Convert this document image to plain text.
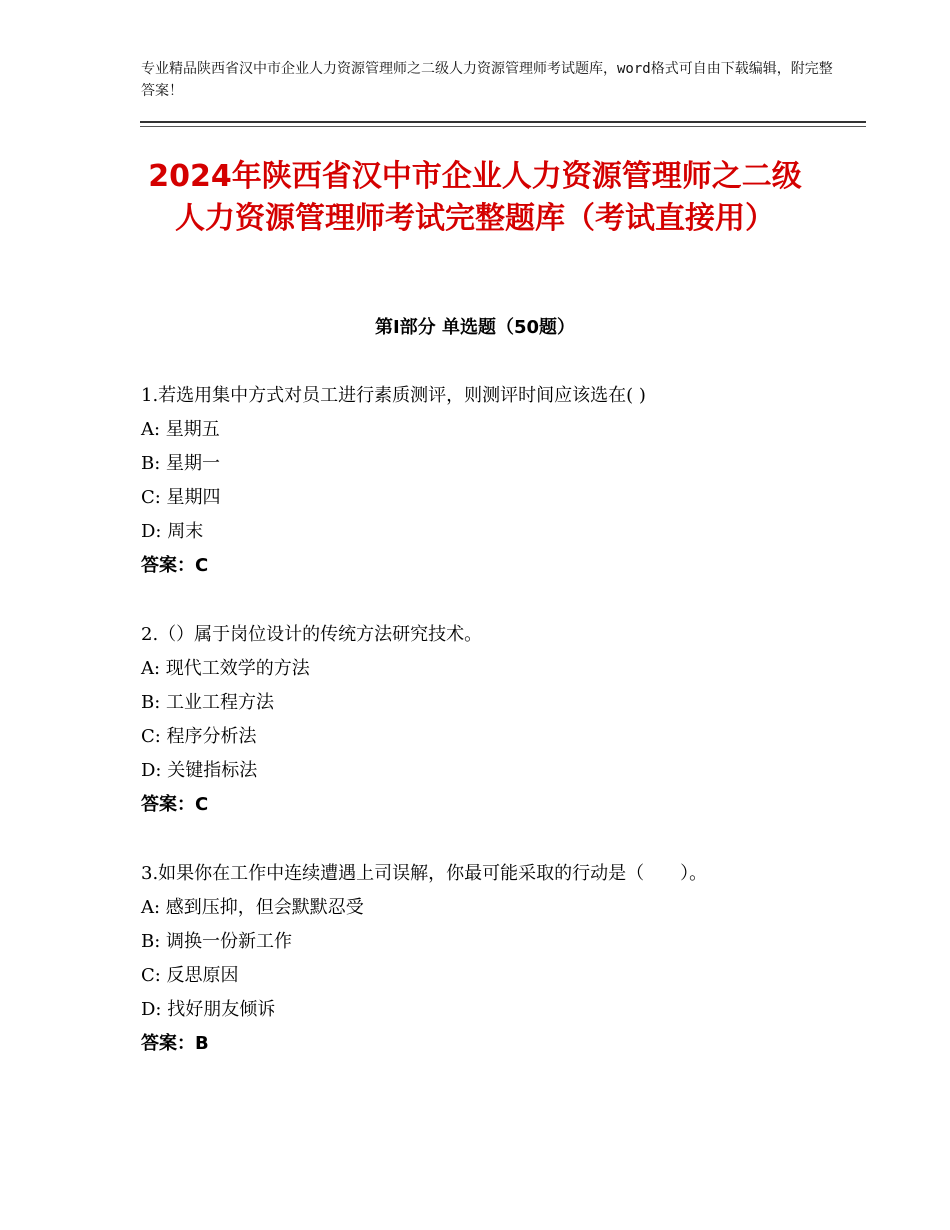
专业精品陕西省汉中市企业人力资源管理师之二级人力资源管理师考试题库，word格式可自由下载编辑，附完整答案！
2024年陕西省汉中市企业人力资源管理师之二级人力资源管理师考试完整题库（考试直接用）
第Ⅰ部分 单选题（50题）

1.若选用集中方式对员工进行素质测评，则测评时间应该选在( )

A: 星期五

B: 星期一

C: 星期四

D: 周末

答案：C

2.（）属于岗位设计的传统方法研究技术。

A: 现代工效学的方法

B: 工业工程方法

C: 程序分析法

D: 关键指标法

答案：C

3.如果你在工作中连续遭遇上司误解，你最可能采取的行动是（　　）。

A: 感到压抑，但会默默忍受

B: 调换一份新工作

C: 反思原因

D: 找好朋友倾诉

答案：B
